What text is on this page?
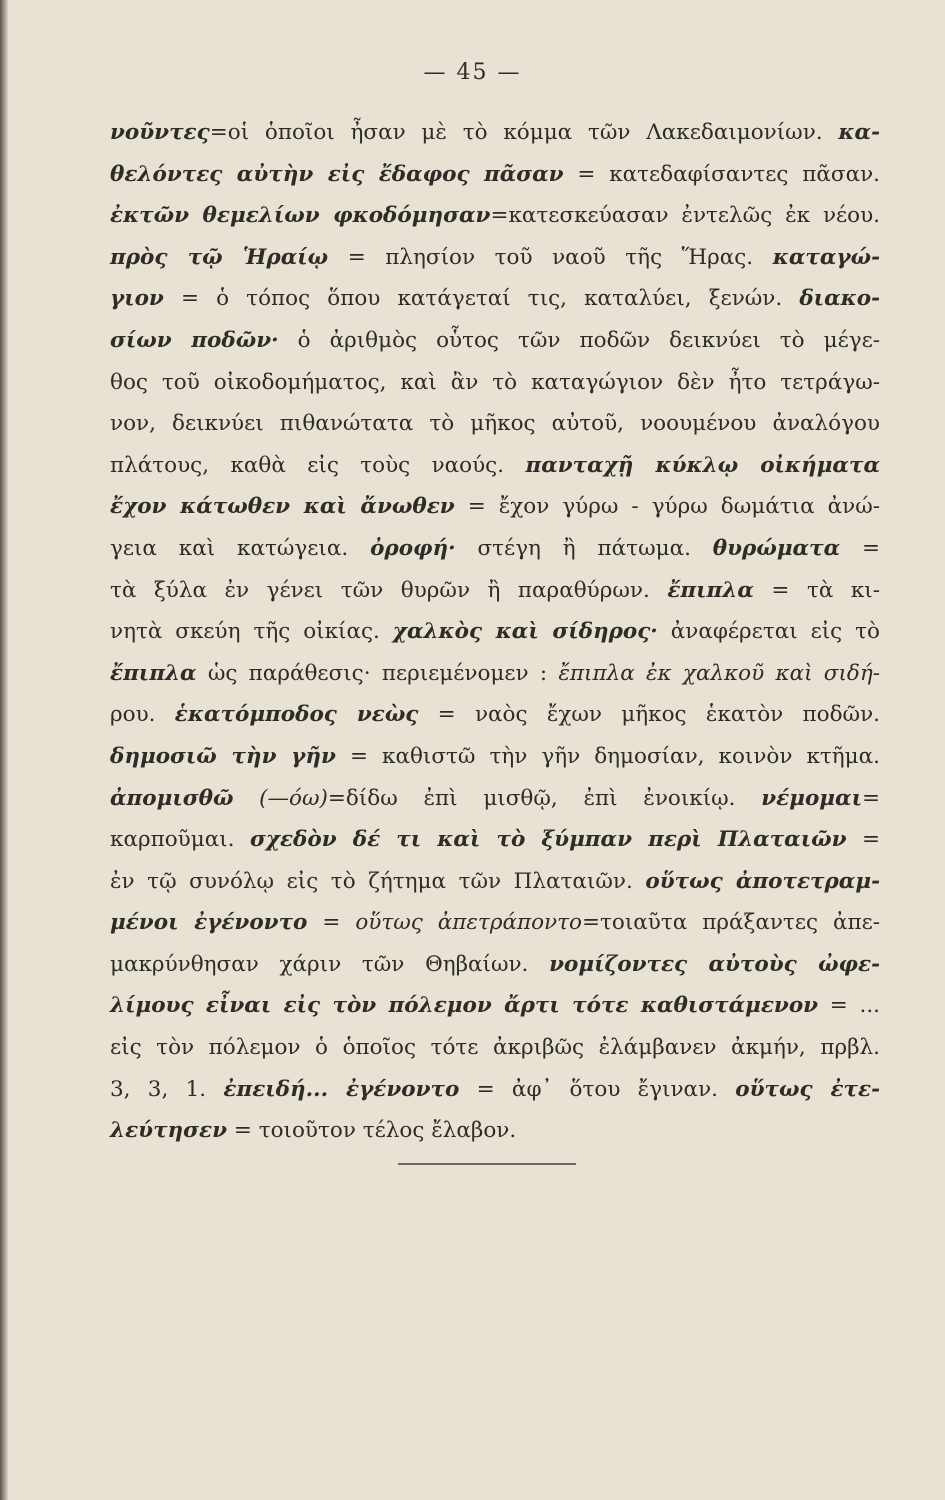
— 45 —
νοῦντες=οἱ ὁποῖοι ἦσαν μὲ τὸ κόμμα τῶν Λακεδαιμονίων. κα-
θελόντες αὐτὴν εἰς ἔδαφος πᾶσαν = κατεδαφίσαντες πᾶσαν.
ἐκτῶν θεμελίων φκοδόμησαν=κατεσκεύασαν ἐντελῶς ἐκ νέου.
πρὸς τῷ Ἡραίῳ = πλησίον τοῦ ναοῦ τῆς Ἥρας. καταγώ-
γιον = ὁ τόπος ὅπου κατάγεταί τις, καταλύει, ξενών. διακο-
σίων ποδῶν· ὁ ἀριθμὸς οὗτος τῶν ποδῶν δεικνύει τὸ μέγε-
θος τοῦ οἰκοδομήματος, καὶ ἂν τὸ καταγώγιον δὲν ἦτο τετράγω-
νον, δεικνύει πιθανώτατα τὸ μῆκος αὐτοῦ, νοουμένου ἀναλόγου
πλάτους, καθὰ εἰς τοὺς ναούς. πανταχῇ κύκλῳ οἰκήματα
ἔχον κάτωθεν καὶ ἄνωθεν = ἔχον γύρω - γύρω δωμάτια ἀνώ-
γεια καὶ κατώγεια. ὀροφή· στέγη ἢ πάτωμα. θυρώματα =
τὰ ξύλα ἐν γένει τῶν θυρῶν ἢ παραθύρων. ἔπιπλα = τὰ κι-
νητὰ σκεύη τῆς οἰκίας. χαλκὸς καὶ σίδηρος· ἀναφέρεται εἰς τὸ
ἔπιπλα ὡς παράθεσις· περιεμένομεν : ἔπιπλα ἐκ χαλκοῦ καὶ σιδή-
ρου. ἑκατόμποδος νεὼς = ναὸς ἔχων μῆκος ἑκατὸν ποδῶν.
δημοσιῶ τὴν γῆν = καθιστῶ τὴν γῆν δημοσίαν, κοινὸν κτῆμα.
ἀπομισθῶ (—όω)=δίδω ἐπὶ μισθῷ, ἐπὶ ἐνοικίῳ. νέμομαι=
καρποῦμαι. σχεδὸν δέ τι καὶ τὸ ξύμπαν περὶ Πλαταιῶν =
ἐν τῷ συνόλῳ εἰς τὸ ζήτημα τῶν Πλαταιῶν. οὕτως ἀποτετραμ-
μένοι ἐγένοντο = οὕτως ἀπετράποντο=τοιαῦτα πράξαντες ἀπε-
μακρύνθησαν χάριν τῶν Θηβαίων. νομίζοντες αὐτοὺς ὠφε-
λίμους εἶναι εἰς τὸν πόλεμον ἄρτι τότε καθιστάμενον = ...
εἰς τὸν πόλεμον ὁ ὁποῖος τότε ἀκριβῶς ἐλάμβανεν ἀκμήν, πρβλ.
3, 3, 1. ἐπειδή... ἐγένοντο = ἀφ᾿ ὅτου ἔγιναν. οὕτως ἐτε-
λεύτησεν = τοιοῦτον τέλος ἔλαβον.
